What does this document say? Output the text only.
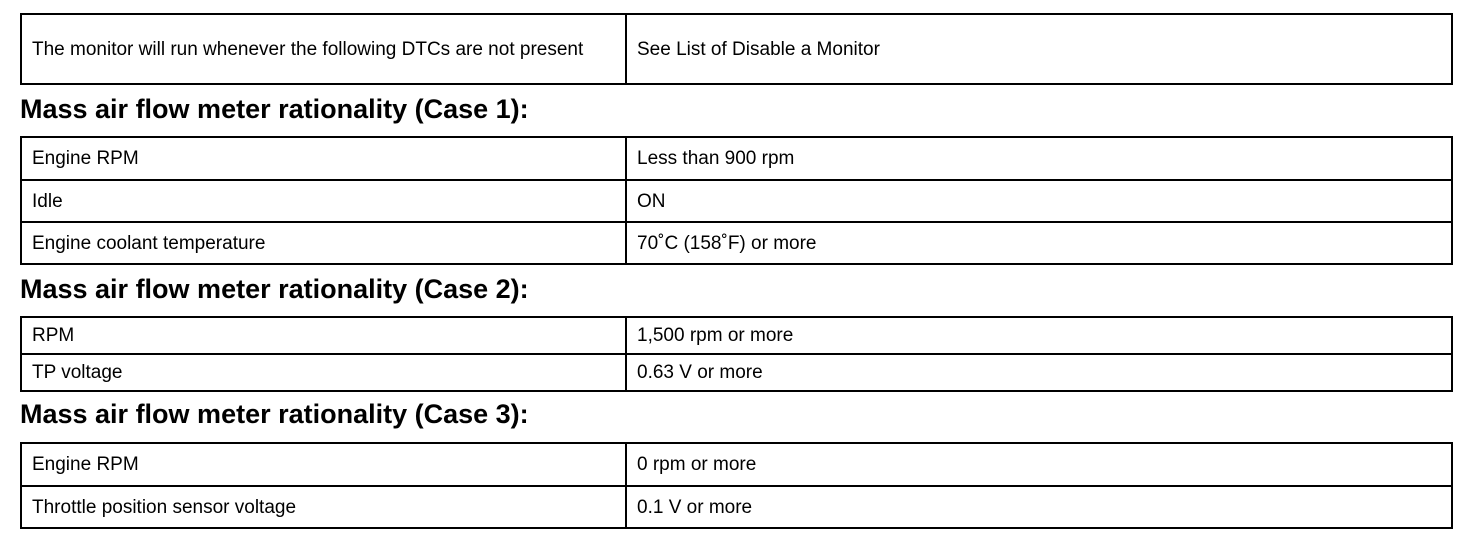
The monitor will run whenever the following DTCs are not present	See List of Disable a Monitor
Mass air flow meter rationality (Case 1):
Engine RPM	Less than 900 rpm
Idle	ON
Engine coolant temperature	70˚C (158˚F) or more
Mass air flow meter rationality (Case 2):
RPM	1,500 rpm or more
TP voltage	0.63 V or more
Mass air flow meter rationality (Case 3):
Engine RPM	0 rpm or more
Throttle position sensor voltage	0.1 V or more
